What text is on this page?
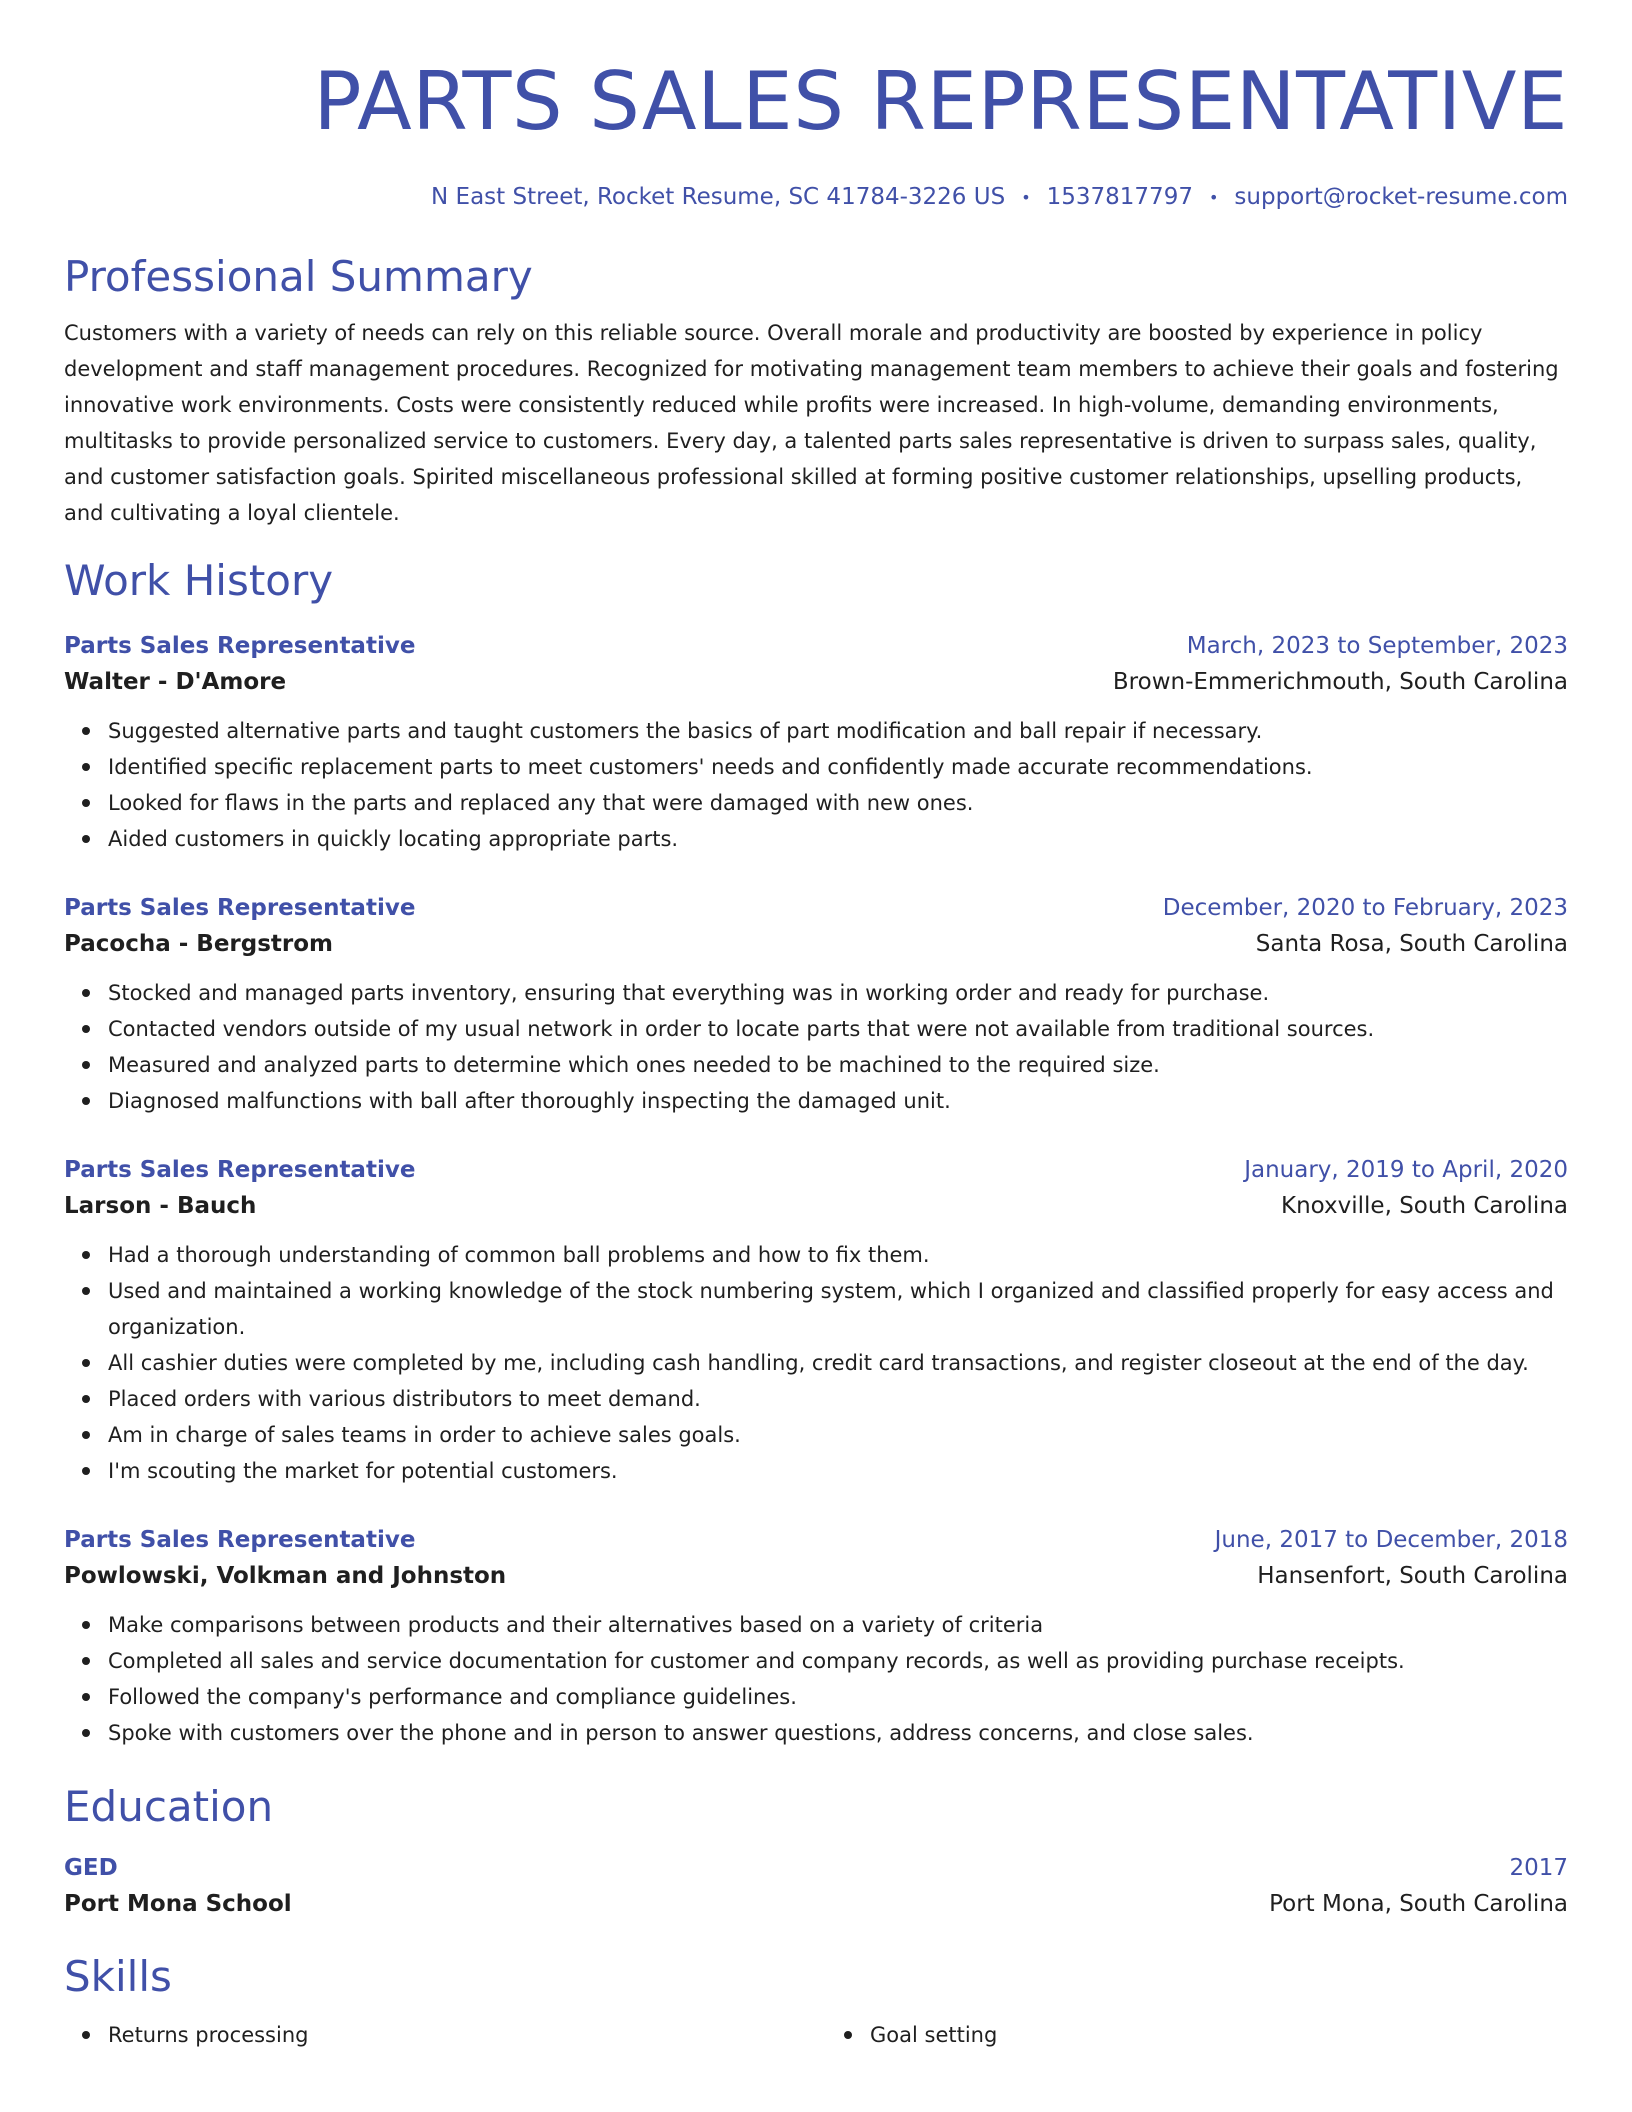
PARTS SALES REPRESENTATIVE
N East Street, Rocket Resume, SC 41784-3226 US • 1537817797 • support@rocket-resume.com
Professional Summary

Customers with a variety of needs can rely on this reliable source. Overall morale and productivity are boosted by experience in policy development and staff management procedures. Recognized for motivating management team members to achieve their goals and fostering innovative work environments. Costs were consistently reduced while profits were increased. In high-volume, demanding environments, multitasks to provide personalized service to customers. Every day, a talented parts sales representative is driven to surpass sales, quality, and customer satisfaction goals. Spirited miscellaneous professional skilled at forming positive customer relationships, upselling products, and cultivating a loyal clientele.

Work History
Parts Sales Representative	March, 2023 to September, 2023
Walter - D'Amore	Brown-Emmerichmouth, South Carolina
Suggested alternative parts and taught customers the basics of part modification and ball repair if necessary.
Identified specific replacement parts to meet customers' needs and confidently made accurate recommendations.
Looked for flaws in the parts and replaced any that were damaged with new ones.
Aided customers in quickly locating appropriate parts.
Parts Sales Representative	December, 2020 to February, 2023
Pacocha - Bergstrom	Santa Rosa, South Carolina
Stocked and managed parts inventory, ensuring that everything was in working order and ready for purchase.
Contacted vendors outside of my usual network in order to locate parts that were not available from traditional sources.
Measured and analyzed parts to determine which ones needed to be machined to the required size.
Diagnosed malfunctions with ball after thoroughly inspecting the damaged unit.
Parts Sales Representative	January, 2019 to April, 2020
Larson - Bauch	Knoxville, South Carolina
Had a thorough understanding of common ball problems and how to fix them.
Used and maintained a working knowledge of the stock numbering system, which I organized and classified properly for easy access and organization.
All cashier duties were completed by me, including cash handling, credit card transactions, and register closeout at the end of the day.
Placed orders with various distributors to meet demand.
Am in charge of sales teams in order to achieve sales goals.
I'm scouting the market for potential customers.
Parts Sales Representative	June, 2017 to December, 2018
Powlowski, Volkman and Johnston	Hansenfort, South Carolina
Make comparisons between products and their alternatives based on a variety of criteria
Completed all sales and service documentation for customer and company records, as well as providing purchase receipts.
Followed the company's performance and compliance guidelines.
Spoke with customers over the phone and in person to answer questions, address concerns, and close sales.
Education
GED	2017
Port Mona School	Port Mona, South Carolina
Skills
Returns processing	Goal setting
